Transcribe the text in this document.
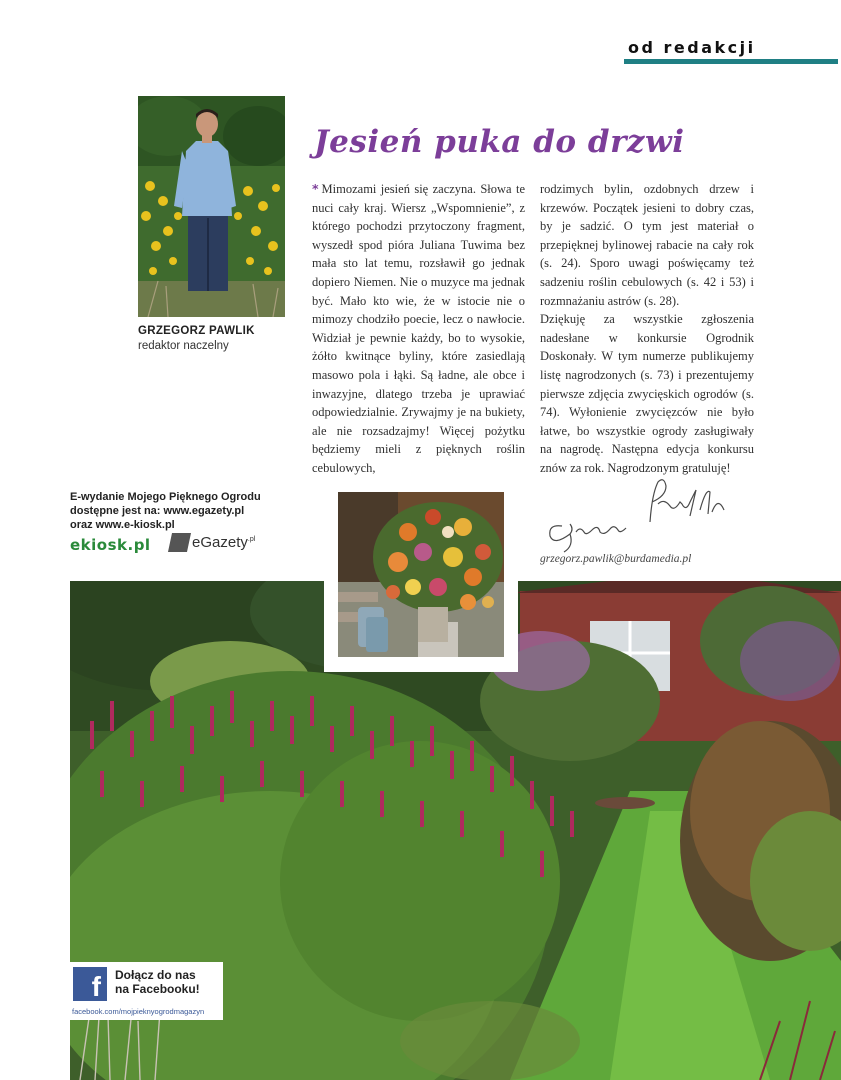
od redakcji
GRZEGORZ PAWLIK
redaktor naczelny
Jesień puka do drzwi

* Mimozami jesień się zaczyna. Słowa te nuci cały kraj. Wiersz „Wspomnienie”, z którego pochodzi przytoczony fragment, wyszedł spod pióra Juliana Tuwima bez mała sto lat temu, rozsławił go jednak dopiero Niemen. Nie o muzyce ma jednak być. Mało kto wie, że w istocie nie o mimozy chodziło poecie, lecz o nawłocie. Widział je pewnie każdy, bo to wysokie, żółto kwitnące byliny, które zasiedlają masowo pola i łąki. Są ładne, ale obce i inwazyjne, dlatego trzeba je uprawiać odpowiedzialnie. Zrywajmy je na bukiety, ale nie rozsadzajmy! Więcej pożytku będziemy mieli z pięknych roślin cebulowych,

rodzimych bylin, ozdobnych drzew i krzewów. Początek jesieni to dobry czas, by je sadzić. O tym jest materiał o przepięknej bylinowej rabacie na cały rok (s. 24). Sporo uwagi poświęcamy też sadzeniu roślin cebulowych (s. 42 i 53) i rozmnażaniu astrów (s. 28).

Dziękuję za wszystkie zgłoszenia nadesłane w konkursie Ogrodnik Doskonały. W tym numerze publikujemy listę nagrodzonych (s. 73) i prezentujemy pierwsze zdjęcia zwycięskich ogrodów (s. 74). Wyłonienie zwycięzców nie było łatwe, bo wszystkie ogrody zasługiwały na nagrodę. Następna edycja konkursu znów za rok. Nagrodzonym gratuluję!

E-wydanie Mojego Pięknego Ogrodu
dostępne jest na: www.egazety.pl
oraz www.e-kiosk.pl
ekiosk.pl	eGazety$^{.pl}$
grzegorz.pawlik@burdamedia.pl
f	Dołącz do nas
na Facebooku!
facebook.com/mojpieknyogrodmagazyn
